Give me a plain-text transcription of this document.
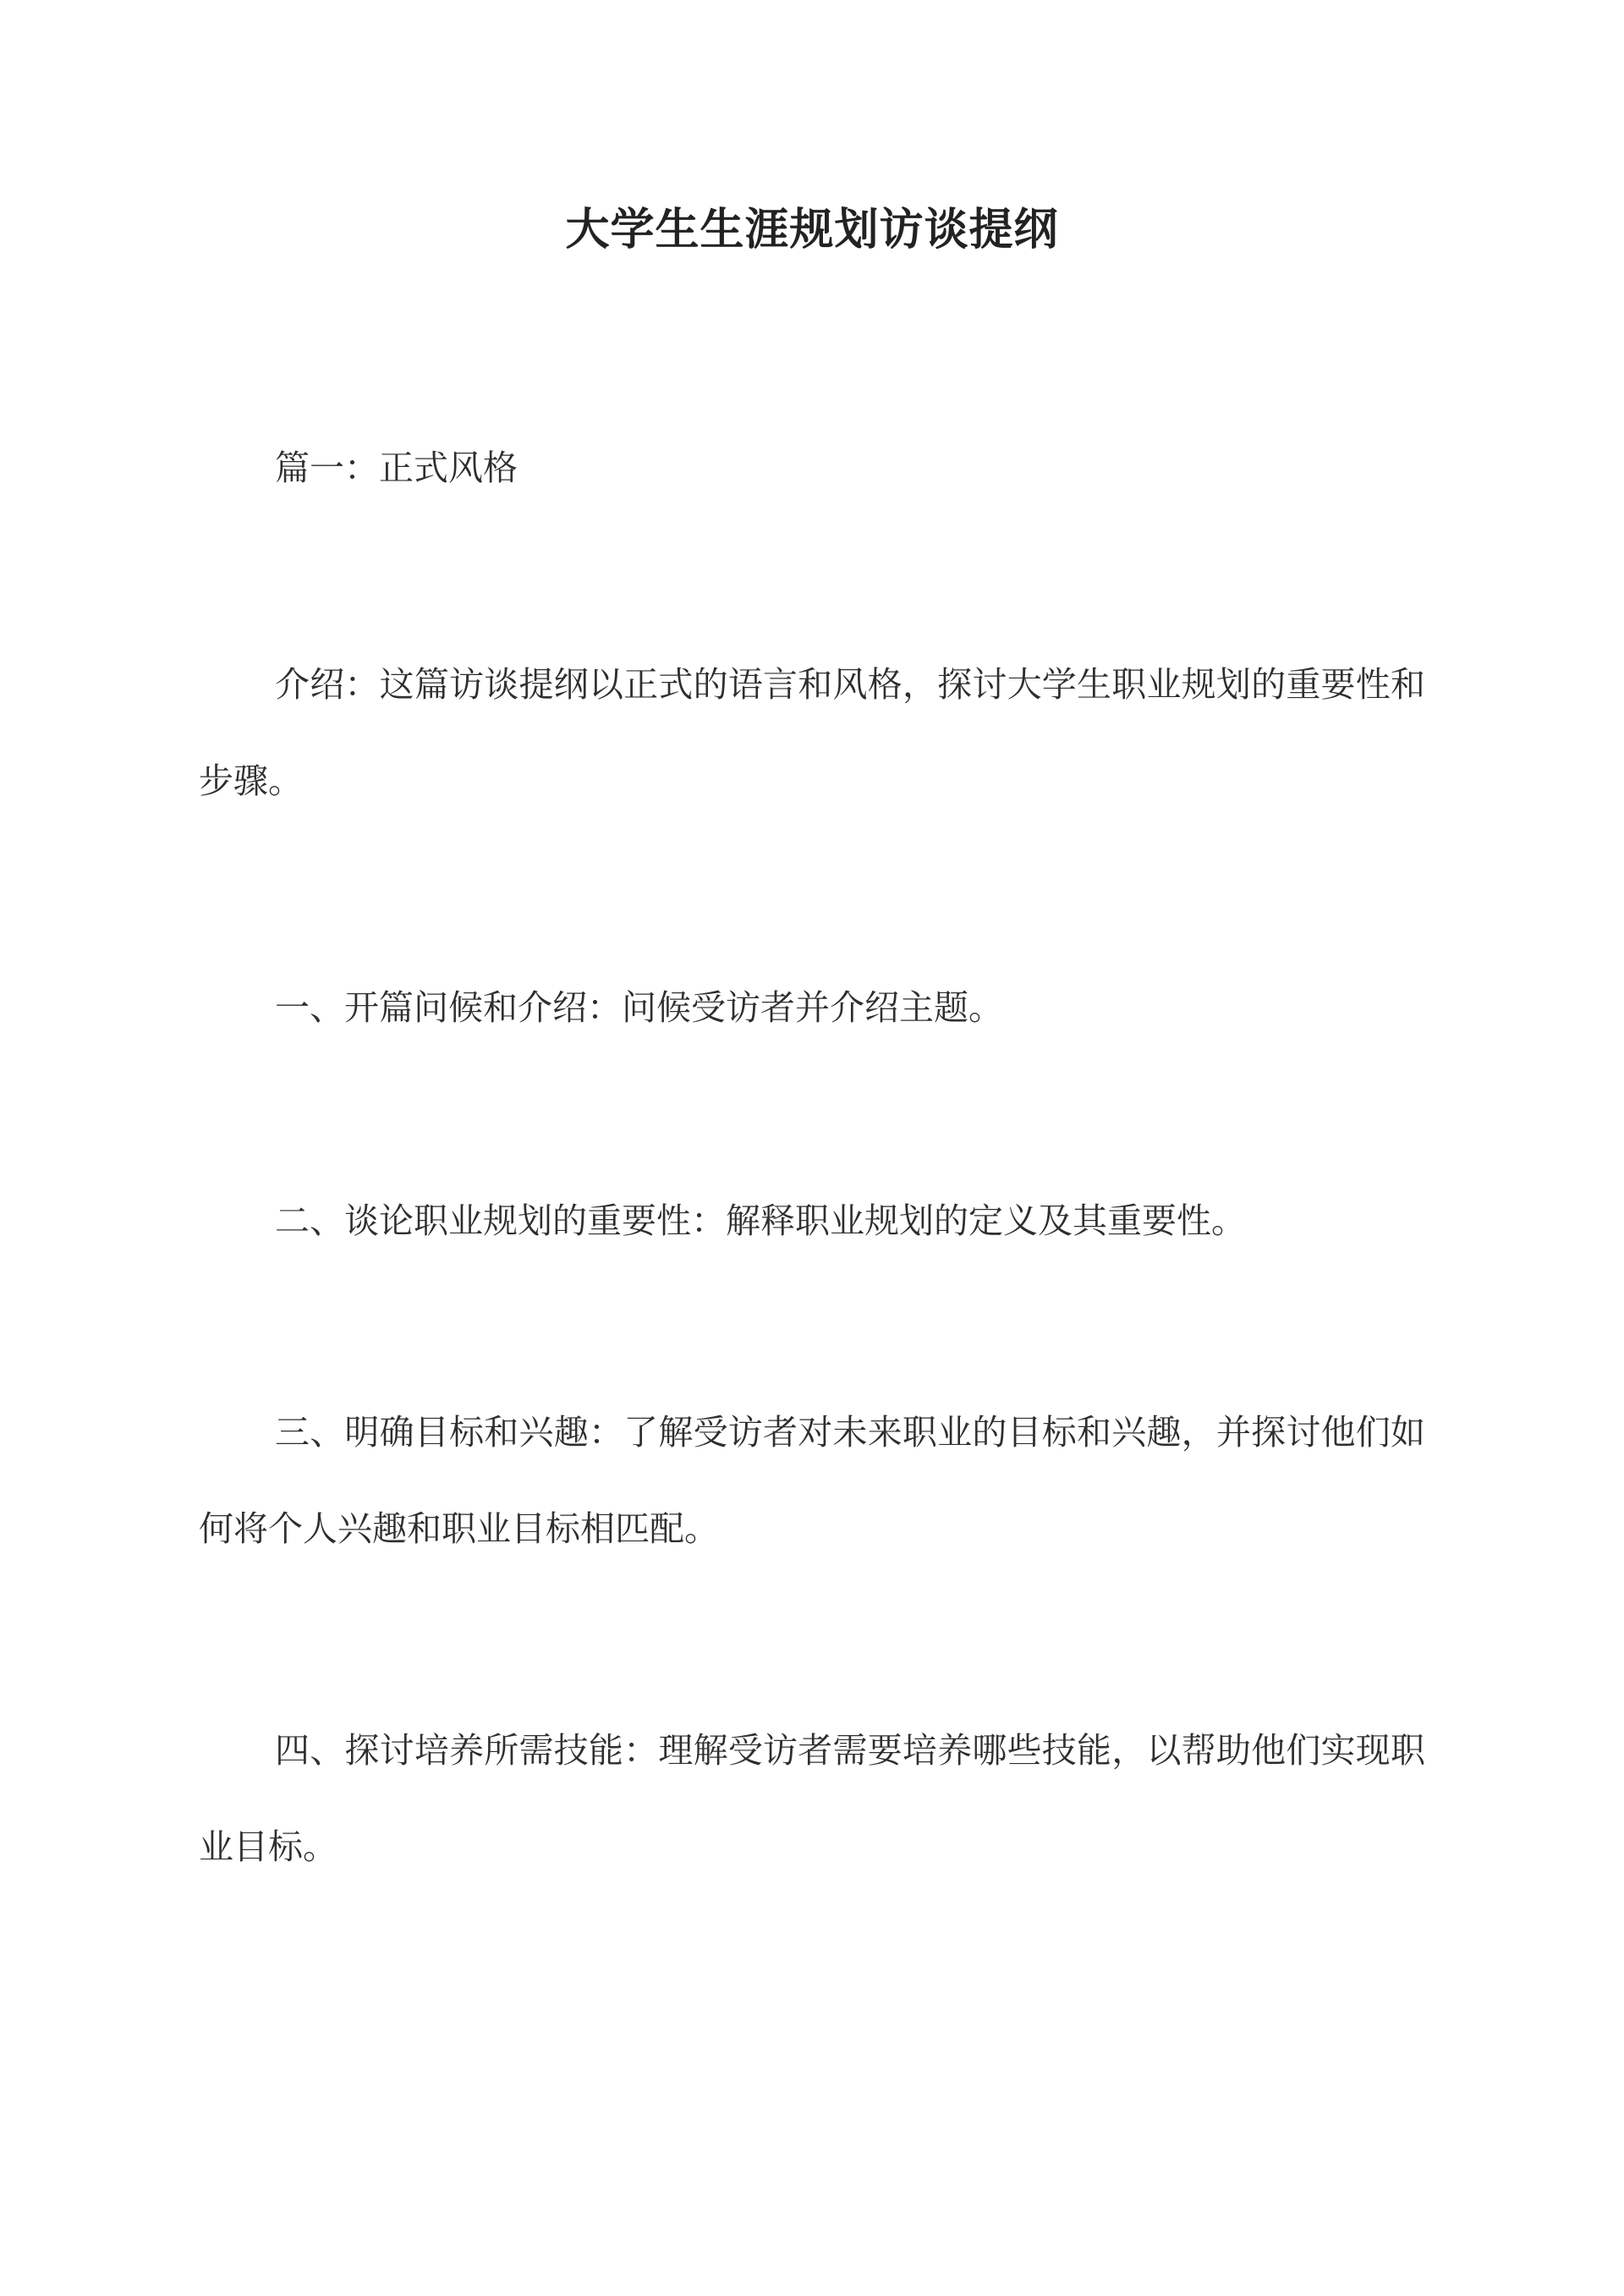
大学生生涯规划访谈提纲
篇一：正式风格
介绍：这篇访谈提纲以正式的语言和风格，探讨大学生职业规划的重要性和步骤。
一、开篇问候和介绍：问候受访者并介绍主题。
二、谈论职业规划的重要性：解释职业规划的定义及其重要性。
三、明确目标和兴趣：了解受访者对未来职业的目标和兴趣，并探讨他们如何将个人兴趣和职业目标相匹配。
四、探讨培养所需技能：理解受访者需要培养哪些技能，以帮助他们实现职业目标。
